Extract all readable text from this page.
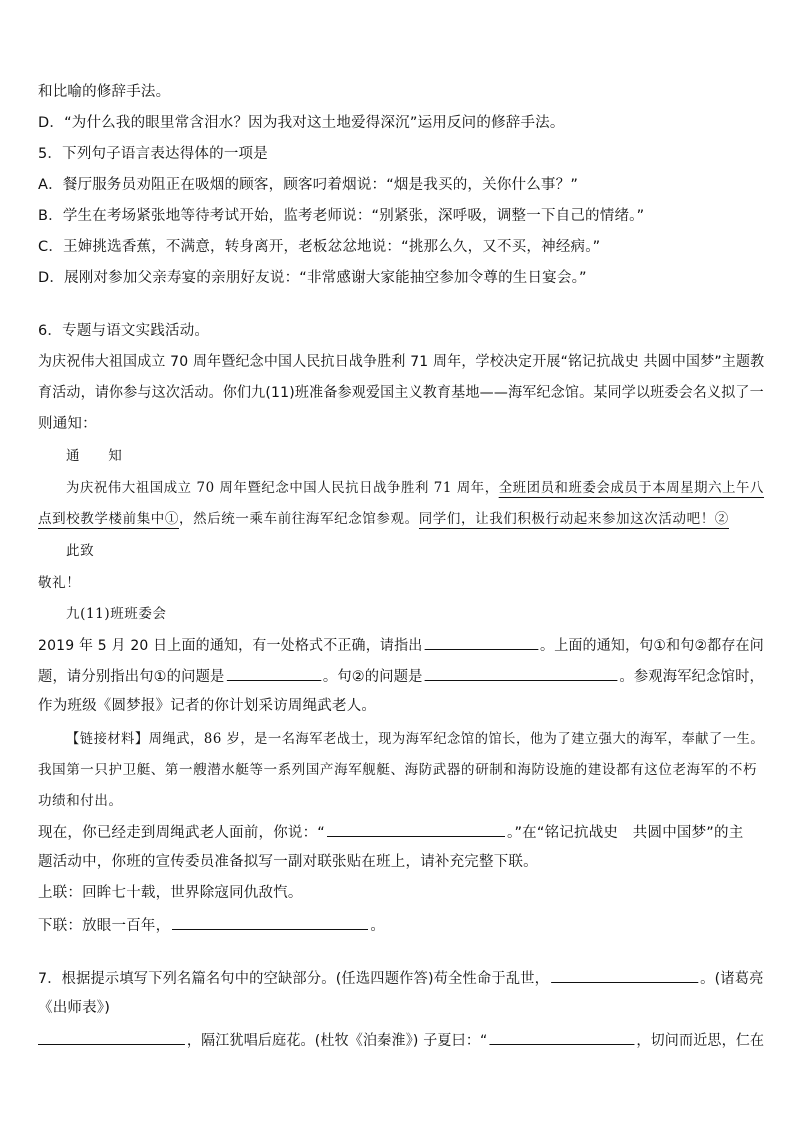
和比喻的修辞手法。
D．“为什么我的眼里常含泪水？因为我对这土地爱得深沉”运用反问的修辞手法。
5．下列句子语言表达得体的一项是
A．餐厅服务员劝阻正在吸烟的顾客，顾客叼着烟说：“烟是我买的，关你什么事？”
B．学生在考场紧张地等待考试开始，监考老师说：“别紧张，深呼吸，调整一下自己的情绪。”
C．王婶挑选香蕉，不满意，转身离开，老板忿忿地说：“挑那么久，又不买，神经病。”
D．展刚对参加父亲寿宴的亲朋好友说：“非常感谢大家能抽空参加令尊的生日宴会。”
6．专题与语文实践活动。
为庆祝伟大祖国成立 70 周年暨纪念中国人民抗日战争胜利 71 周年，学校决定开展“铭记抗战史 共圆中国梦”主题教
育活动，请你参与这次活动。你们九(11)班准备参观爱国主义教育基地——海军纪念馆。某同学以班委会名义拟了一
则通知：
通　　知
为庆祝伟大祖国成立 70 周年暨纪念中国人民抗日战争胜利 71 周年，全班团员和班委会成员于本周星期六上午八
点到校教学楼前集中①，然后统一乘车前往海军纪念馆参观。同学们，让我们积极行动起来参加这次活动吧！②
此致
敬礼！
九(11)班班委会
2019 年 5 月 20 日上面的通知，有一处格式不正确，请指出	。上面的通知，句①和句②都存在问
题，请分别指出句①的问题是	。句②的问题是	。参观海军纪念馆时，
作为班级《圆梦报》记者的你计划采访周绳武老人。
【链接材料】周绳武，86 岁，是一名海军老战士，现为海军纪念馆的馆长，他为了建立强大的海军，奉献了一生。
我国第一只护卫艇、第一艘潜水艇等一系列国产海军舰艇、海防武器的研制和海防设施的建设都有这位老海军的不朽
功绩和付出。
现在，你已经走到周绳武老人面前，你说：“	。”在“铭记抗战史　共圆中国梦”的主
题活动中，你班的宣传委员准备拟写一副对联张贴在班上，请补充完整下联。
上联：回眸七十载，世界除寇同仇敌忾。
下联：放眼一百年，	。
7．根据提示填写下列名篇名句中的空缺部分。(任选四题作答)苟全性命于乱世，	。(诸葛亮
《出师表》)
，隔江犹唱后庭花。(杜牧《泊秦淮》) 子夏曰：“	，切问而近思，仁在
